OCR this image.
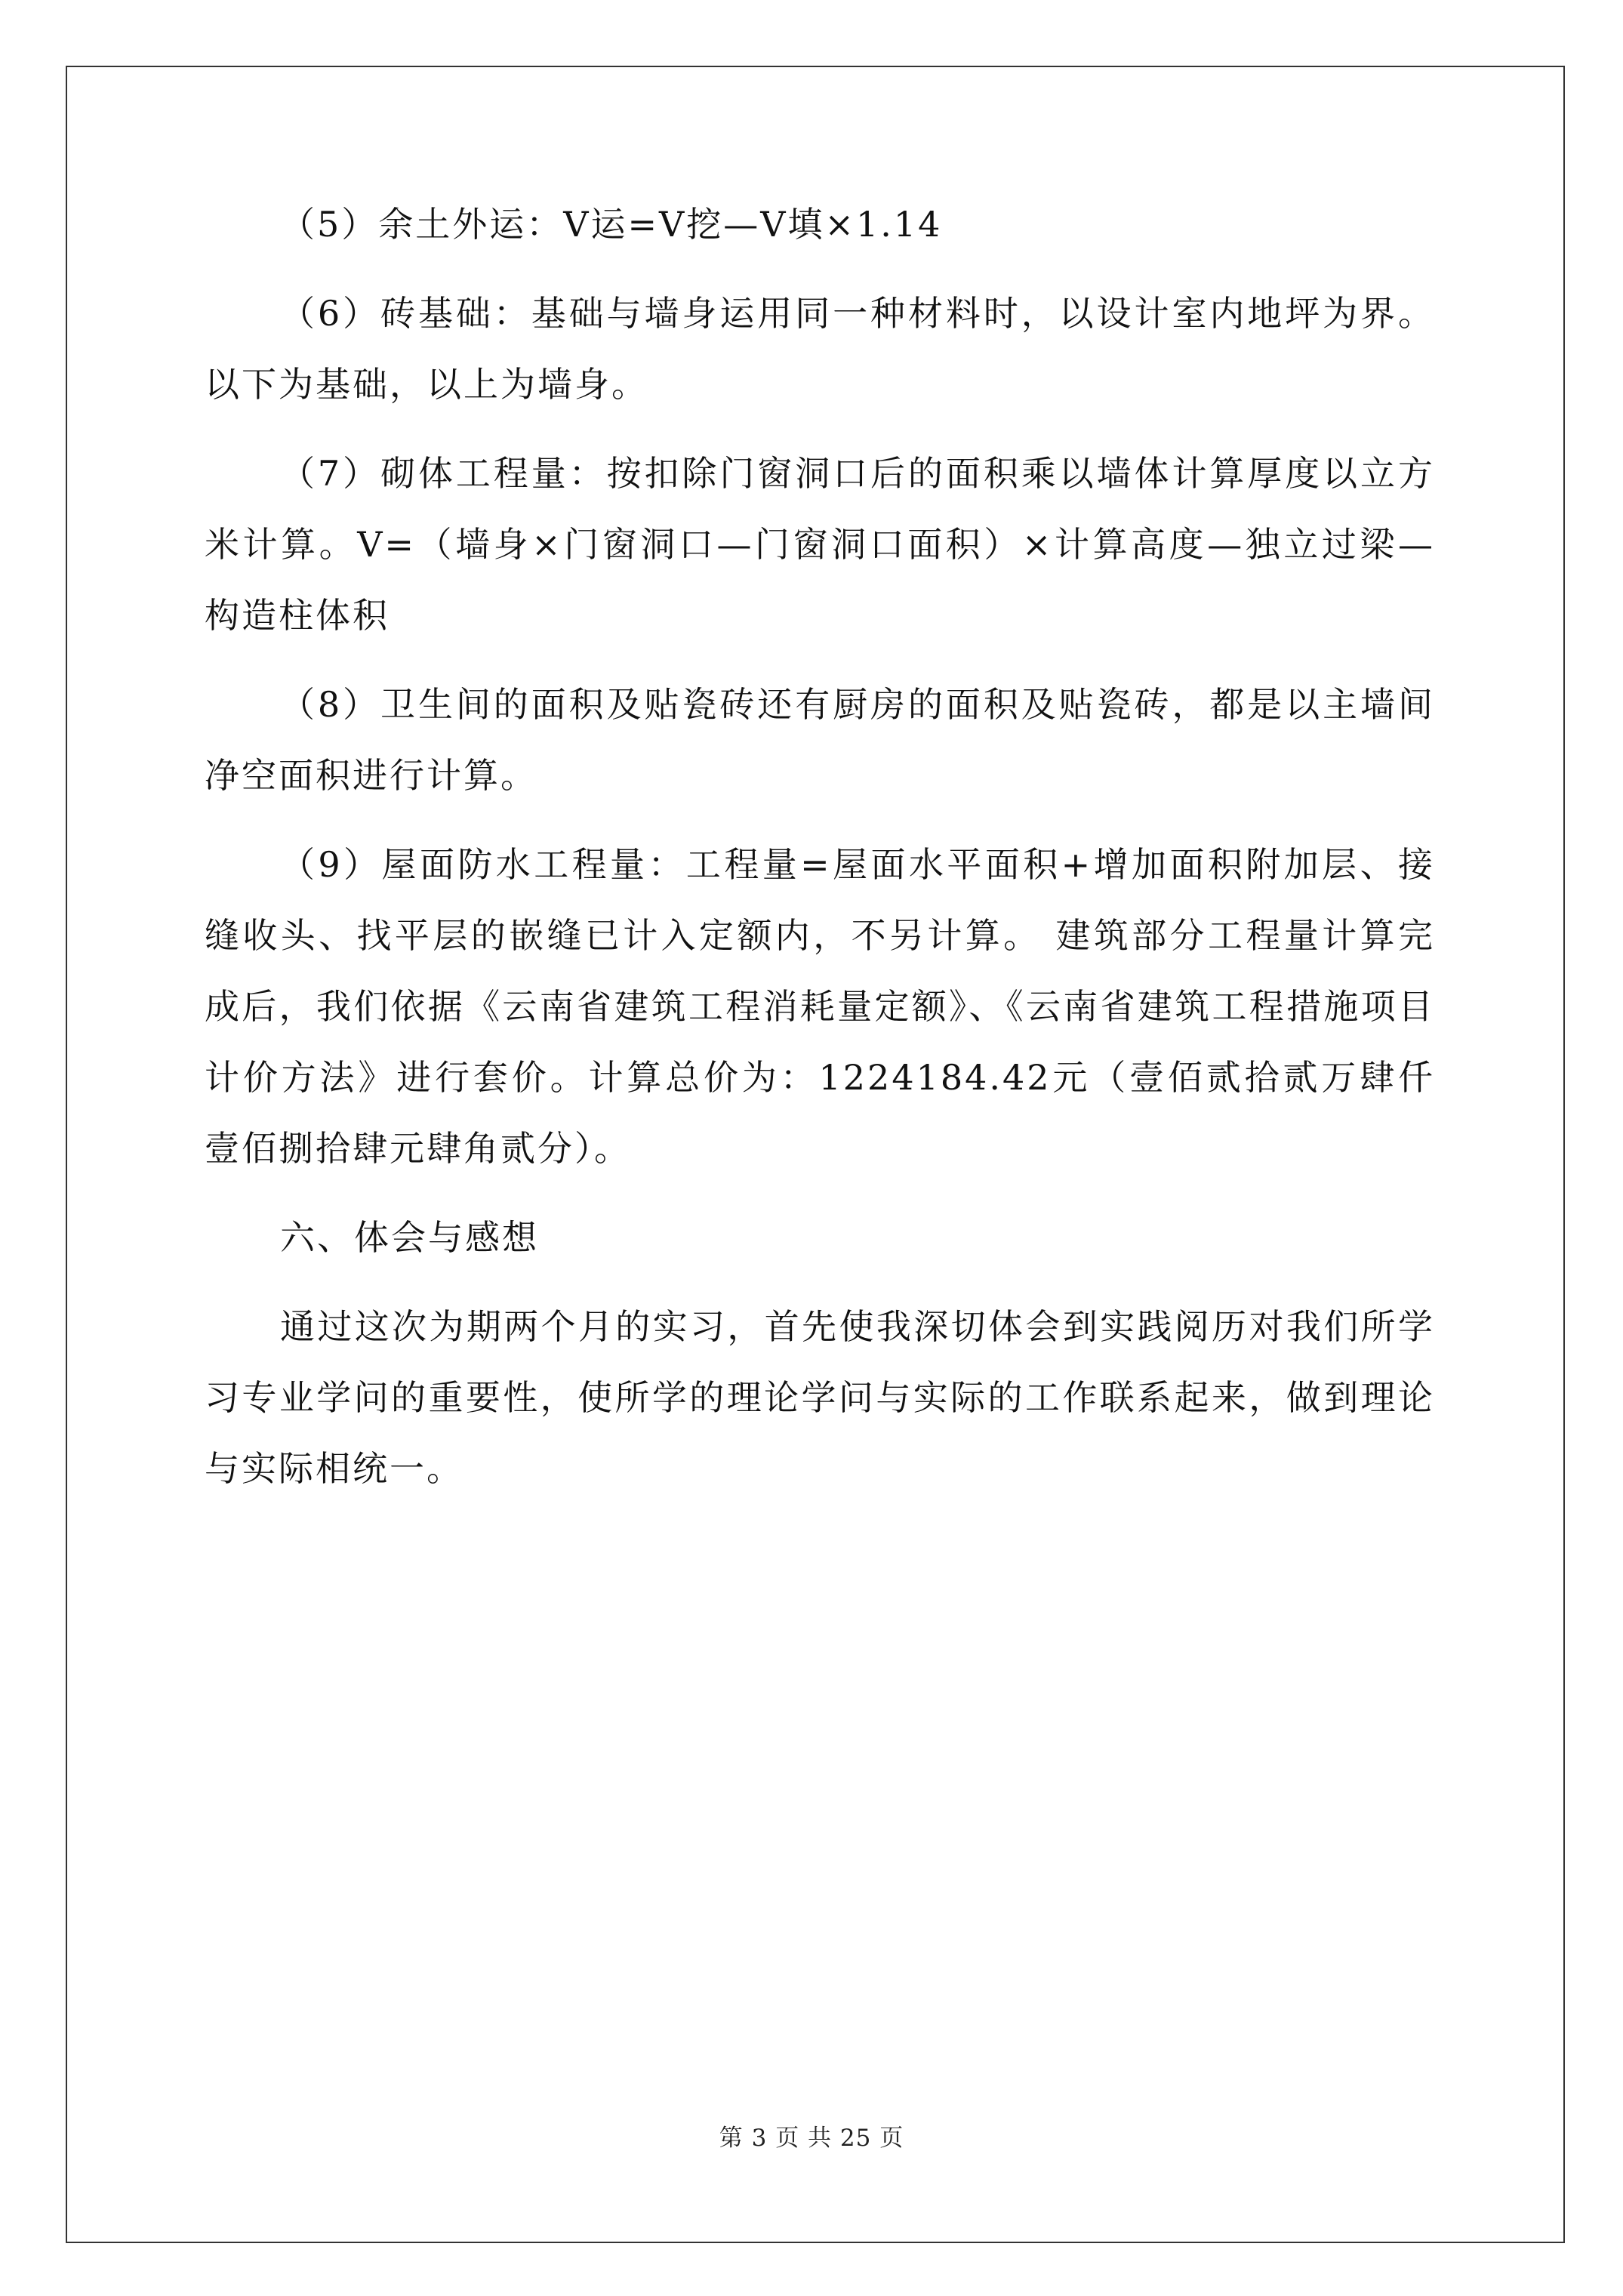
（5）余土外运：V运=V挖—V填×1.14

（6）砖基础：基础与墙身运用同一种材料时，以设计室内地坪为界。以下为基础，以上为墙身。

（7）砌体工程量：按扣除门窗洞口后的面积乘以墙体计算厚度以立方米计算。V=（墙身×门窗洞口—门窗洞口面积）×计算高度—独立过梁—构造柱体积

（8）卫生间的面积及贴瓷砖还有厨房的面积及贴瓷砖，都是以主墙间净空面积进行计算。

（9）屋面防水工程量：工程量=屋面水平面积+增加面积附加层、接缝收头、找平层的嵌缝已计入定额内，不另计算。 建筑部分工程量计算完成后，我们依据《云南省建筑工程消耗量定额》、《云南省建筑工程措施项目计价方法》进行套价。计算总价为：1224184.42元（壹佰贰拾贰万肆仟壹佰捌拾肆元肆角贰分）。

六、体会与感想

通过这次为期两个月的实习，首先使我深切体会到实践阅历对我们所学习专业学问的重要性，使所学的理论学问与实际的工作联系起来，做到理论与实际相统一。

第 3 页 共 25 页
